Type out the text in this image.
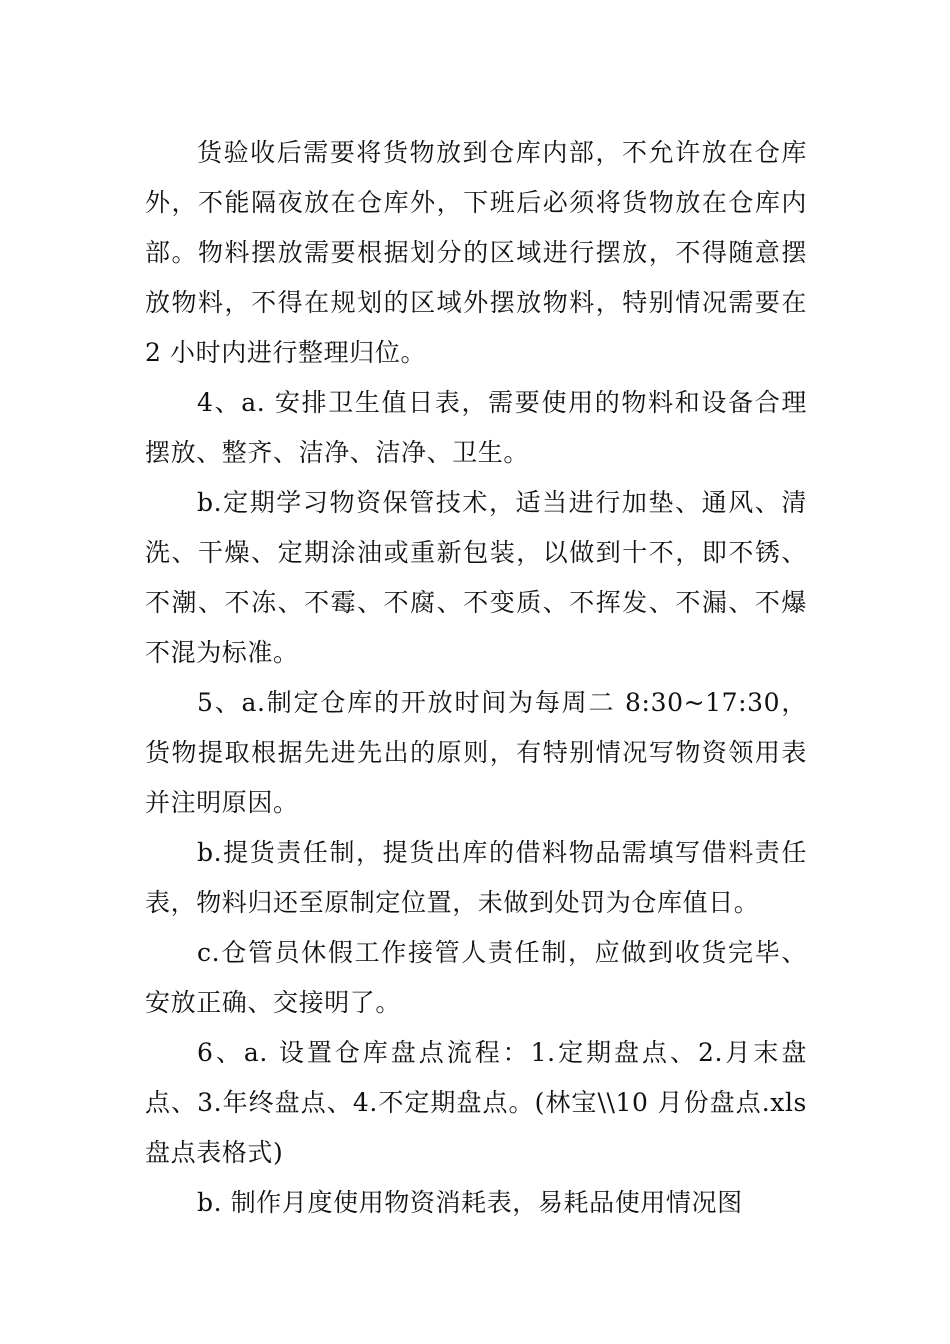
货验收后需要将货物放到仓库内部，不允许放在仓库外，不能隔夜放在仓库外，下班后必须将货物放在仓库内部。物料摆放需要根据划分的区域进行摆放，不得随意摆放物料，不得在规划的区域外摆放物料，特别情况需要在 2 小时内进行整理归位。

4、a. 安排卫生值日表，需要使用的物料和设备合理摆放、整齐、洁净、洁净、卫生。

b.定期学习物资保管技术，适当进行加垫、通风、清洗、干燥、定期涂油或重新包装，以做到十不，即不锈、不潮、不冻、不霉、不腐、不变质、不挥发、不漏、不爆不混为标准。

5、a.制定仓库的开放时间为每周二 8:30~17:30，货物提取根据先进先出的原则，有特别情况写物资领用表并注明原因。

b.提货责任制，提货出库的借料物品需填写借料责任表，物料归还至原制定位置，未做到处罚为仓库值日。

c.仓管员休假工作接管人责任制，应做到收货完毕、安放正确、交接明了。

6、a. 设置仓库盘点流程：1.定期盘点、2.月末盘点、3.年终盘点、4.不定期盘点。(林宝\\10 月份盘点.xls 盘点表格式)

b. 制作月度使用物资消耗表，易耗品使用情况图
